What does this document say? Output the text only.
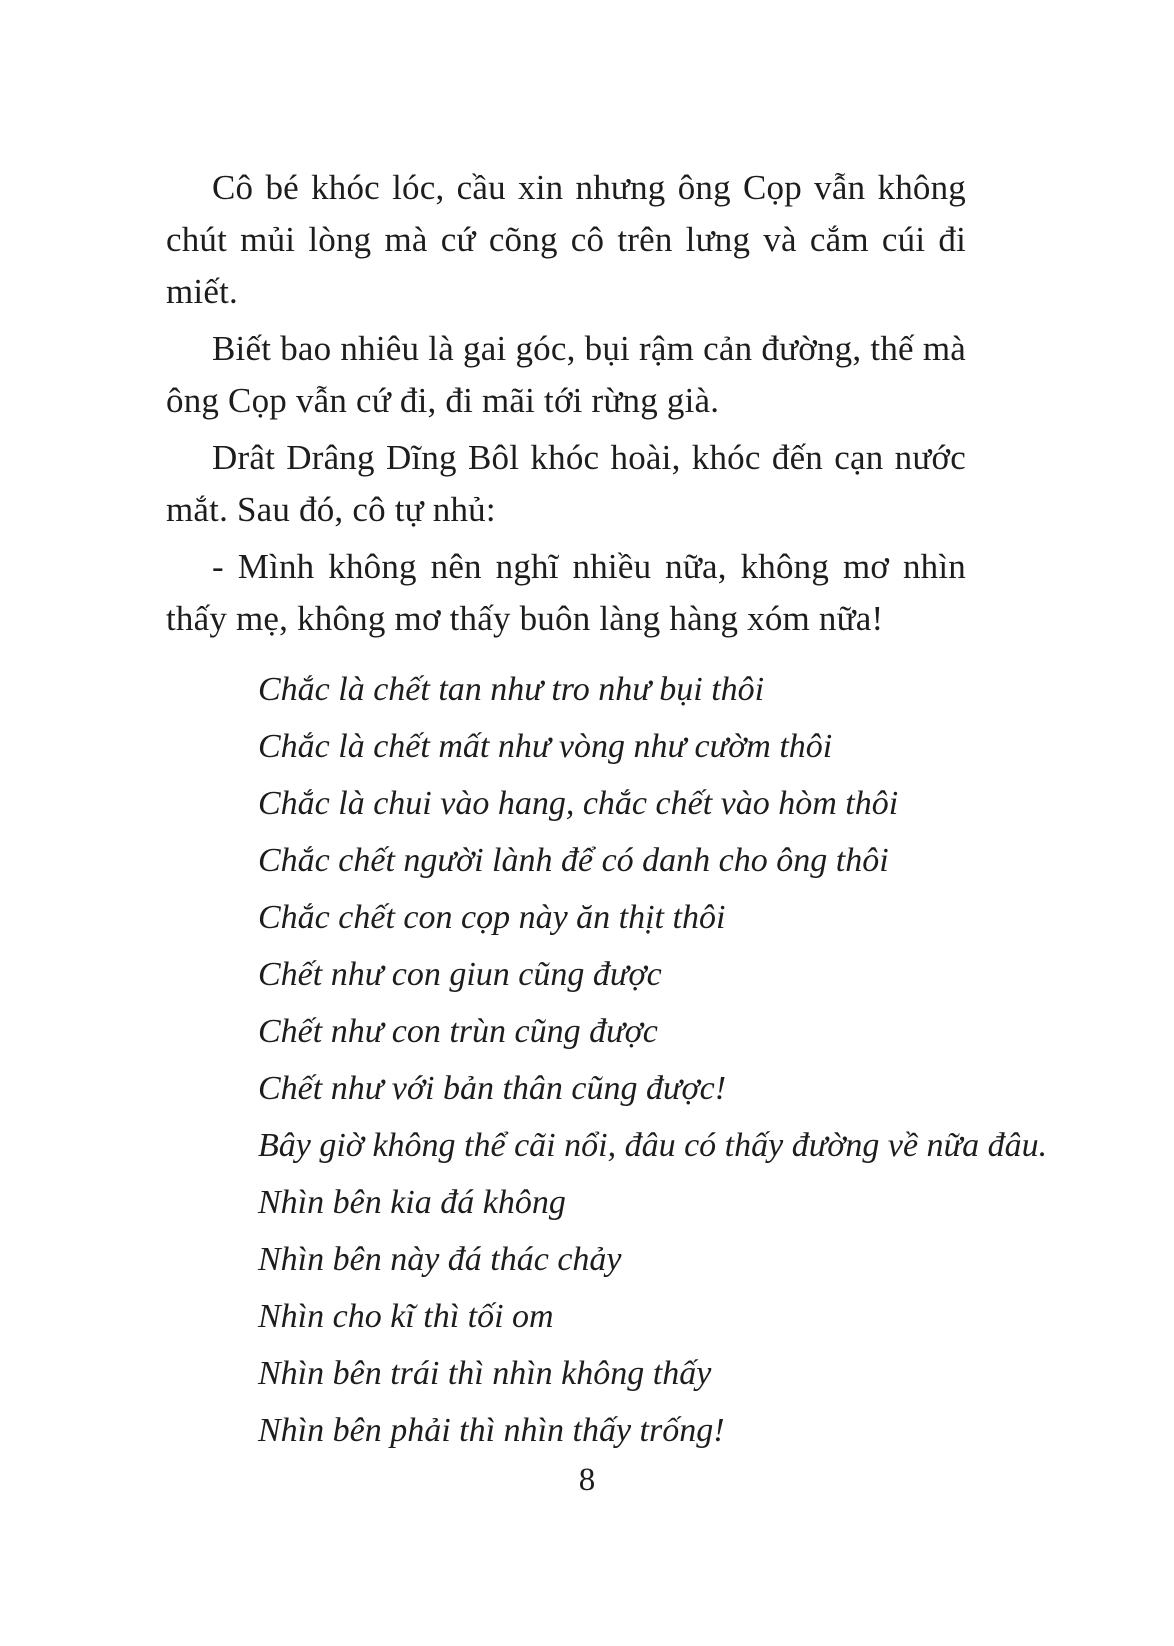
Cô bé khóc lóc, cầu xin nhưng ông Cọp vẫn không chút mủi lòng mà cứ cõng cô trên lưng và cắm cúi đi miết.

Biết bao nhiêu là gai góc, bụi rậm cản đường, thế mà ông Cọp vẫn cứ đi, đi mãi tới rừng già.

Drât Drâng Dĩng Bôl khóc hoài, khóc đến cạn nước mắt. Sau đó, cô tự nhủ:

- Mình không nên nghĩ nhiều nữa, không mơ nhìn thấy mẹ, không mơ thấy buôn làng hàng xóm nữa!

Chắc là chết tan như tro như bụi thôi
Chắc là chết mất như vòng như cườm thôi
Chắc là chui vào hang, chắc chết vào hòm thôi
Chắc chết người lành để có danh cho ông thôi
Chắc chết con cọp này ăn thịt thôi
Chết như con giun cũng được
Chết như con trùn cũng được
Chết như với bản thân cũng được!
Bây giờ không thể cãi nổi, đâu có thấy đường về nữa đâu.
Nhìn bên kia đá không
Nhìn bên này đá thác chảy
Nhìn cho kĩ thì tối om
Nhìn bên trái thì nhìn không thấy
Nhìn bên phải thì nhìn thấy trống!
8
